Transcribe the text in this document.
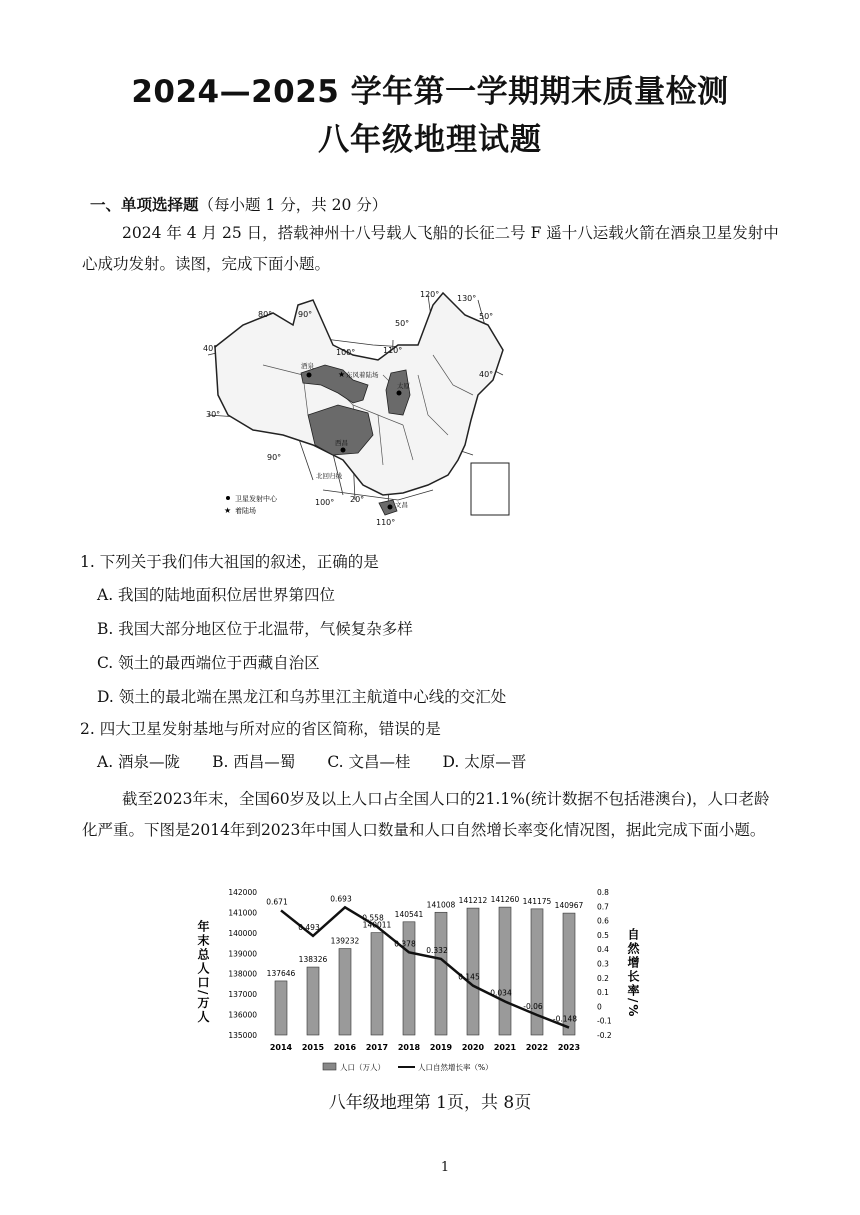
2024—2025 学年第一学期期末质量检测
八年级地理试题
一、单项选择题（每小题 1 分，共 20 分）
2024 年 4 月 25 日，搭载神州十八号载人飞船的长征二号 F 遥十八运载火箭在酒泉卫星发射中心成功发射。读图，完成下面小题。
★
80°	90°
100°	110°
120° 130°
90°
100°
110°
40°
30°
50°
50°
40°
20°
酒泉
太原
西昌
文昌
东风着陆场
北回归线
卫星发射中心
★ 着陆场
1. 下列关于我们伟大祖国的叙述，正确的是
A. 我国的陆地面积位居世界第四位
B. 我国大部分地区位于北温带，气候复杂多样
C. 领土的最西端位于西藏自治区
D. 领土的最北端在黑龙江和乌苏里江主航道中心线的交汇处
2. 四大卫星发射基地与所对应的省区简称，错误的是
A. 酒泉—陇 B. 西昌—蜀 C. 文昌—桂 D. 太原—晋
截至2023年末，全国60岁及以上人口占全国人口的21.1%(统计数据不包括港澳台)，人口老龄化严重。下图是2014年到2023年中国人口数量和人口自然增长率变化情况图，据此完成下面小题。
142000
141000
140000
139000
138000
137000
136000
135000
0.8
0.7
0.6
0.5
0.4
0.3
0.2
0.1
0
-0.1
-0.2
2014 2015 2016 2017 2018 2019 2020 2021 2022 2023
137646
0.671
138326
0.493
139232
0.693
140011
0.558 140541
0.378
141008
0.332
141212
0.145
141260
0.034
141175
-0.06
140967
-0.148
年末总人口/万人	自然增长率/%
人口（万人）	人口自然增长率（%）
八年级地理第 1页，共 8页
1
